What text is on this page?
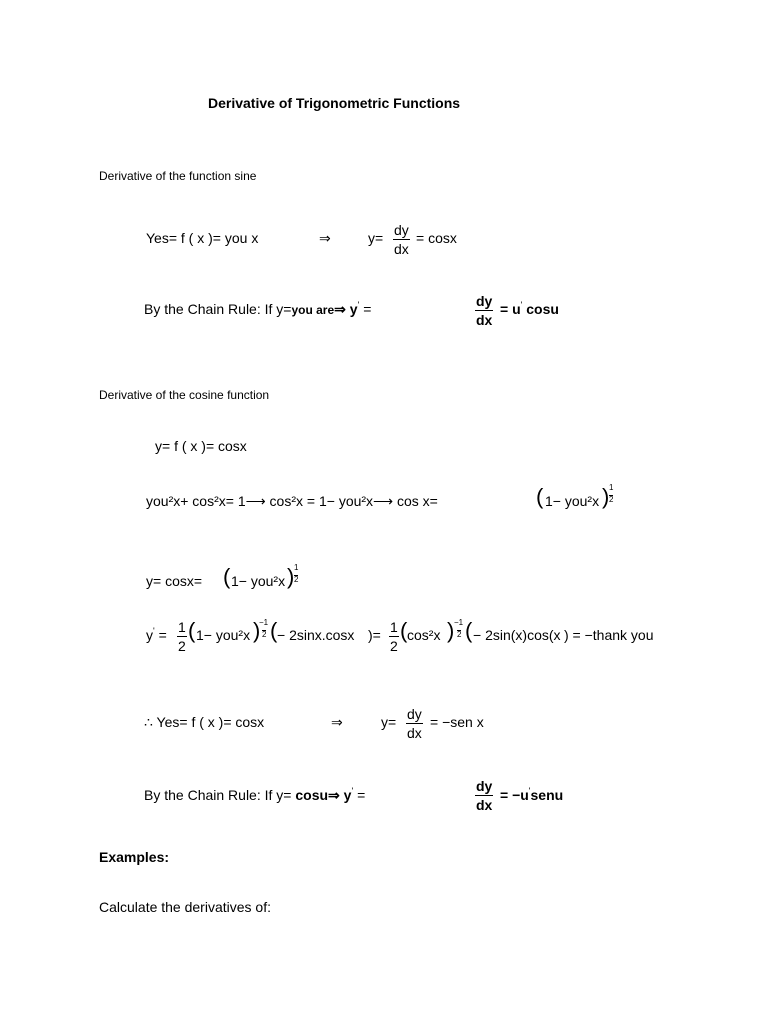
Derivative of Trigonometric Functions
Derivative of the function sine
Yes= f ( x )= you x	⇒	$y= \frac{dy}{dx} = \cos x$
By the Chain Rule: If y=you are⇒ y' =	$\frac{dy}{dx} = u'$ cosu
Derivative of the cosine function
y= f ( x )= cosx
you²x+ cos²x= 1⟶ cos²x = 1− you²x⟶ cos x=	( 1− you²x ) 1
2
y= cosx= ( 1− you²x ) 1
2
$y' = \frac{1}{2}$ ( 1− you²x )
−1
2 ( − 2sinx.cosx )= $\frac{1}{2}$ ( cos²x ) −1
2 ( − 2sin(x)cos(x ) = −thank you
∴ Yes= f ( x )= cosx	⇒	$y= \frac{dy}{dx} = -sen$ x
By the Chain Rule: If y= cosu⇒ y' =	$\frac{dy}{dx}$ = −u'senu
Examples:
Calculate the derivatives of:
